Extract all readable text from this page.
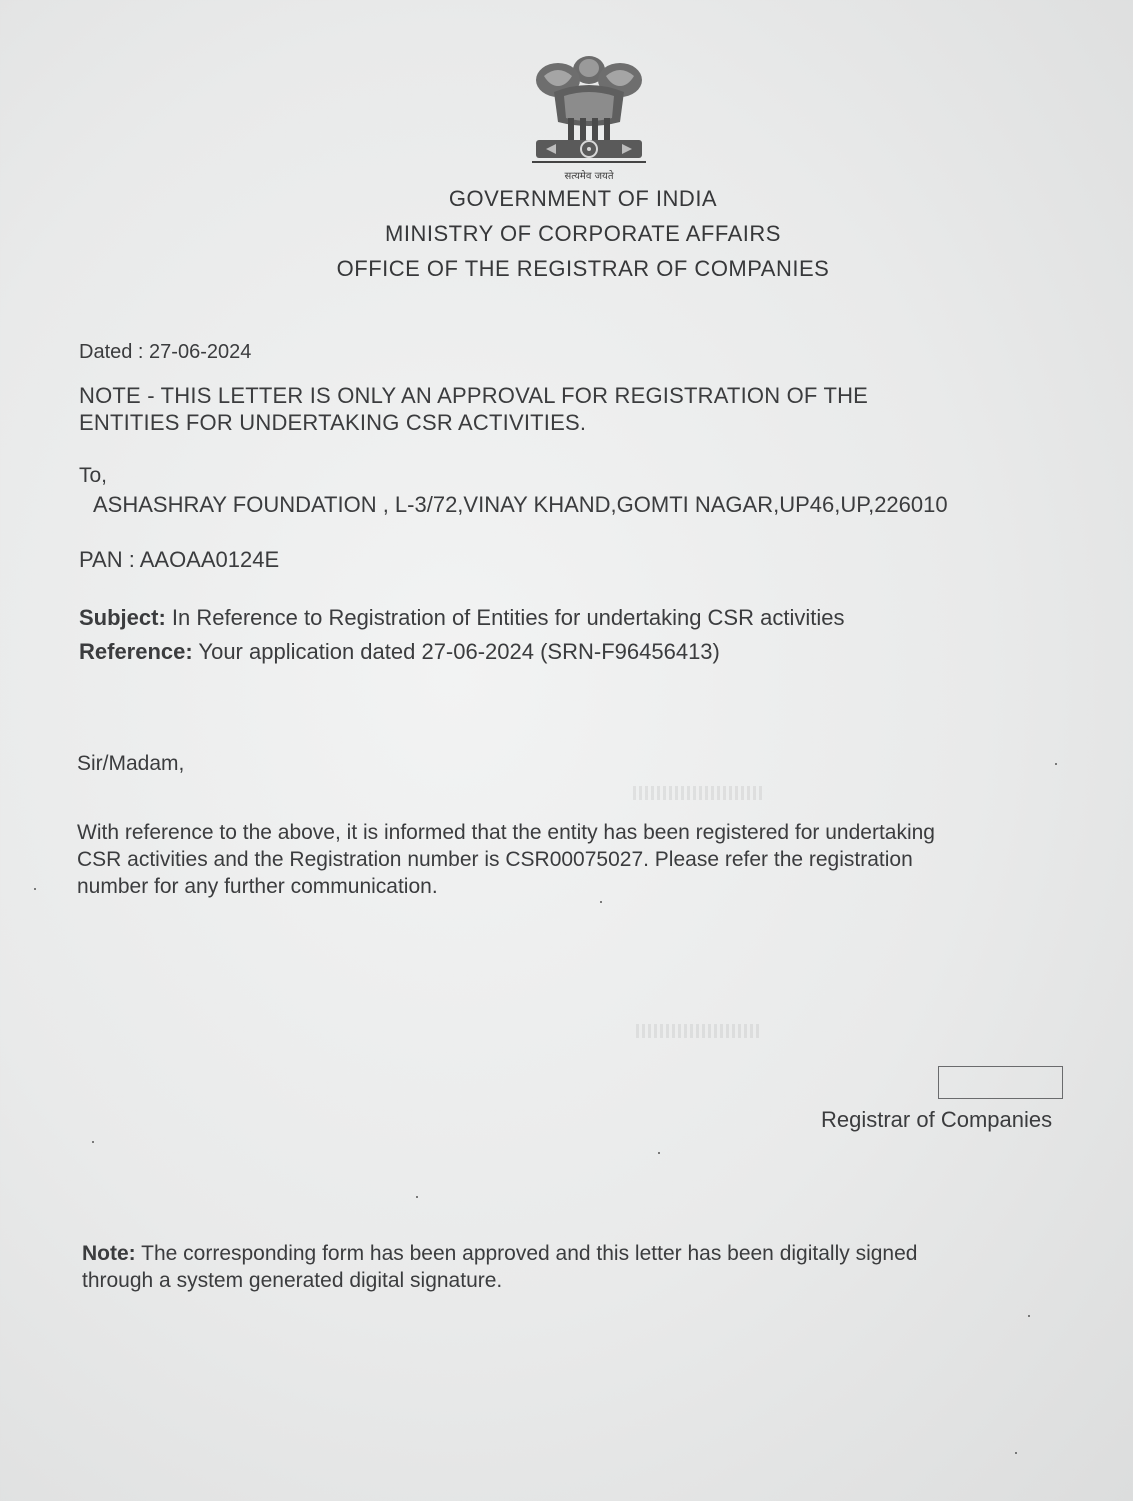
सत्यमेव जयते
GOVERNMENT OF INDIA
MINISTRY OF CORPORATE AFFAIRS
OFFICE OF THE REGISTRAR OF COMPANIES
Dated : 27-06-2024
NOTE - THIS LETTER IS ONLY AN APPROVAL FOR REGISTRATION OF THE
ENTITIES FOR UNDERTAKING CSR ACTIVITIES.
To,
ASHASHRAY FOUNDATION , L-3/72,VINAY KHAND,GOMTI NAGAR,UP46,UP,226010
PAN : AAOAA0124E
Subject: In Reference to Registration of Entities for undertaking CSR activities
Reference: Your application dated 27-06-2024 (SRN-F96456413)
Sir/Madam,
With reference to the above, it is informed that the entity has been registered for undertaking
CSR activities and the Registration number is CSR00075027. Please refer the registration
number for any further communication.
Registrar of Companies
Note: The corresponding form has been approved and this letter has been digitally signed
through a system generated digital signature.
